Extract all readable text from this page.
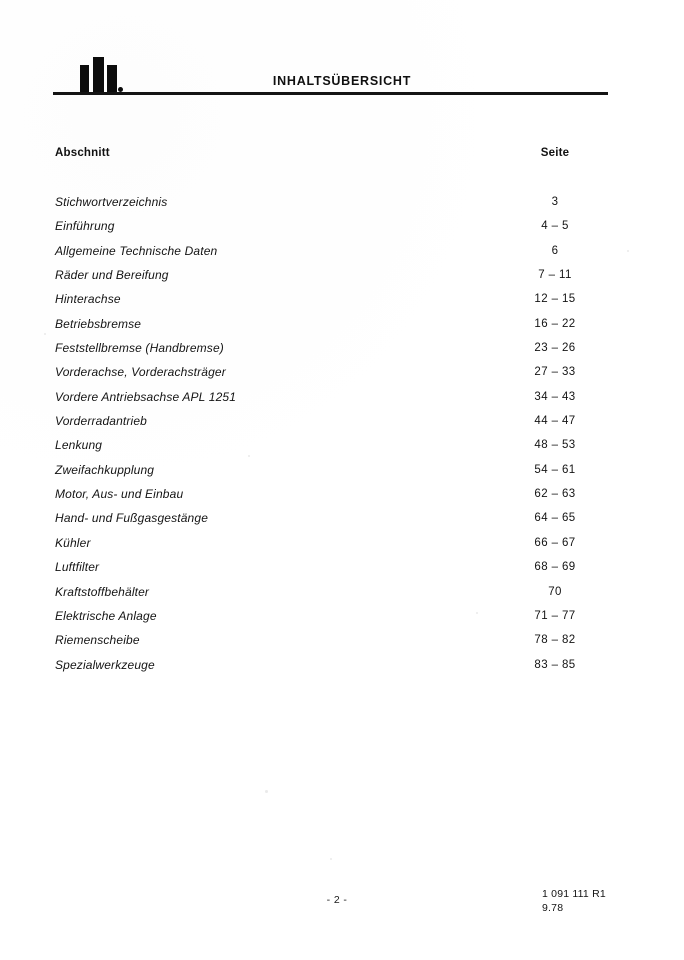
INHALTSÜBERSICHT
Abschnitt	Seite
Stichwortverzeichnis	3
Einführung	4 – 5
Allgemeine Technische Daten	6
Räder und Bereifung	7 – 11
Hinterachse	12 – 15
Betriebsbremse	16 – 22
Feststellbremse (Handbremse)	23 – 26
Vorderachse, Vorderachsträger	27 – 33
Vordere Antriebsachse APL 1251	34 – 43
Vorderradantrieb	44 – 47
Lenkung	48 – 53
Zweifachkupplung	54 – 61
Motor, Aus- und Einbau	62 – 63
Hand- und Fußgasgestänge	64 – 65
Kühler	66 – 67
Luftfilter	68 – 69
Kraftstoffbehälter	70
Elektrische Anlage	71 – 77
Riemenscheibe	78 – 82
Spezialwerkzeuge	83 – 85
- 2 -	1 091 111 R1
9.78
